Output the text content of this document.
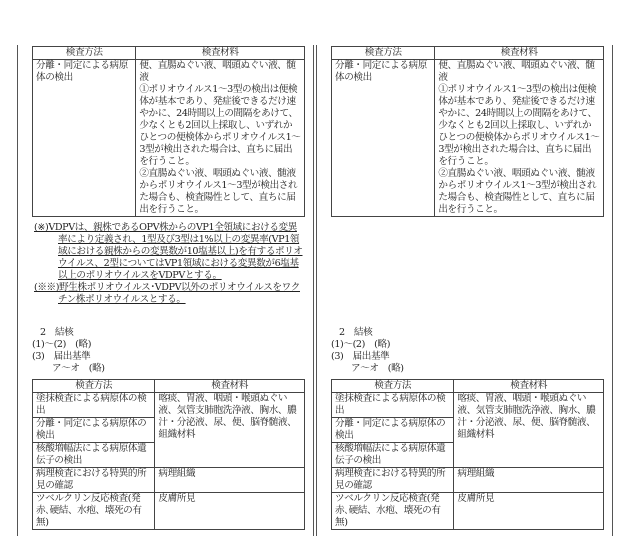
検査方法	検査材料
分離・同定による病原体の検出	便、直腸ぬぐい液、咽頭ぬぐい液、髄液
①ポリオウイルス1～3型の検出は便検体が基本であり、発症後できるだけ速やかに、24時間以上の間隔をあけて、少なくとも2回以上採取し、いずれかひとつの便検体からポリオウイルス1～3型が検出された場合は、直ちに届出を行うこと。
②直腸ぬぐい液、咽頭ぬぐい液、髄液からポリオウイルス1～3型が検出された場合も、検査陽性として、直ちに届出を行うこと。
(※)VDPVは、親株であるOPV株からのVP1全領域における変異率により定義され、1型及び3型は1%以上の変異率(VP1領域における親株からの変異数が10塩基以上)を有するポリオウイルス、2型についてはVP1領域における変異数が6塩基以上のポリオウイルスをVDPVとする。
(※※)野生株ポリオウイルス･VDPV以外のポリオウイルスをワクチン株ポリオウイルスとする。
検査方法	検査材料
分離・同定による病原体の検出	便、直腸ぬぐい液、咽頭ぬぐい液、髄液
①ポリオウイルス1～3型の検出は便検体が基本であり、発症後できるだけ速やかに、24時間以上の間隔をあけて、少なくとも2回以上採取し、いずれかひとつの便検体からポリオウイルス1～3型が検出された場合は、直ちに届出を行うこと。
②直腸ぬぐい液、咽頭ぬぐい液、髄液からポリオウイルス1～3型が検出された場合も、検査陽性として、直ちに届出を行うこと。
2　結核
(1)～(2)　(略)
(3)　届出基準
ア～オ　(略)
検査方法	検査材料
塗抹検査による病原体の検出	喀痰、胃液、咽頭・喉頭ぬぐい液、気管支肺胞洗浄液、胸水、膿汁・分泌液、尿、便、脳脊髄液、組織材料
分離・同定による病原体の検出	
核酸増幅法による病原体遺伝子の検出	
病理検査における特異的所見の確認	病理組織
ツベルクリン反応検査(発赤､硬結、水疱、壊死の有無)	皮膚所見
2　結核
(1)～(2)　(略)
(3)　届出基準
ア～オ　(略)
検査方法	検査材料
塗抹検査による病原体の検出	喀痰、胃液、咽頭・喉頭ぬぐい液、気管支肺胞洗浄液、胸水、膿汁・分泌液、尿、便、脳脊髄液、組織材料
分離・同定による病原体の検出	
核酸増幅法による病原体遺伝子の検出	
病理検査における特異的所見の確認	病理組織
ツベルクリン反応検査(発赤､硬結、水疱、壊死の有無)	皮膚所見
